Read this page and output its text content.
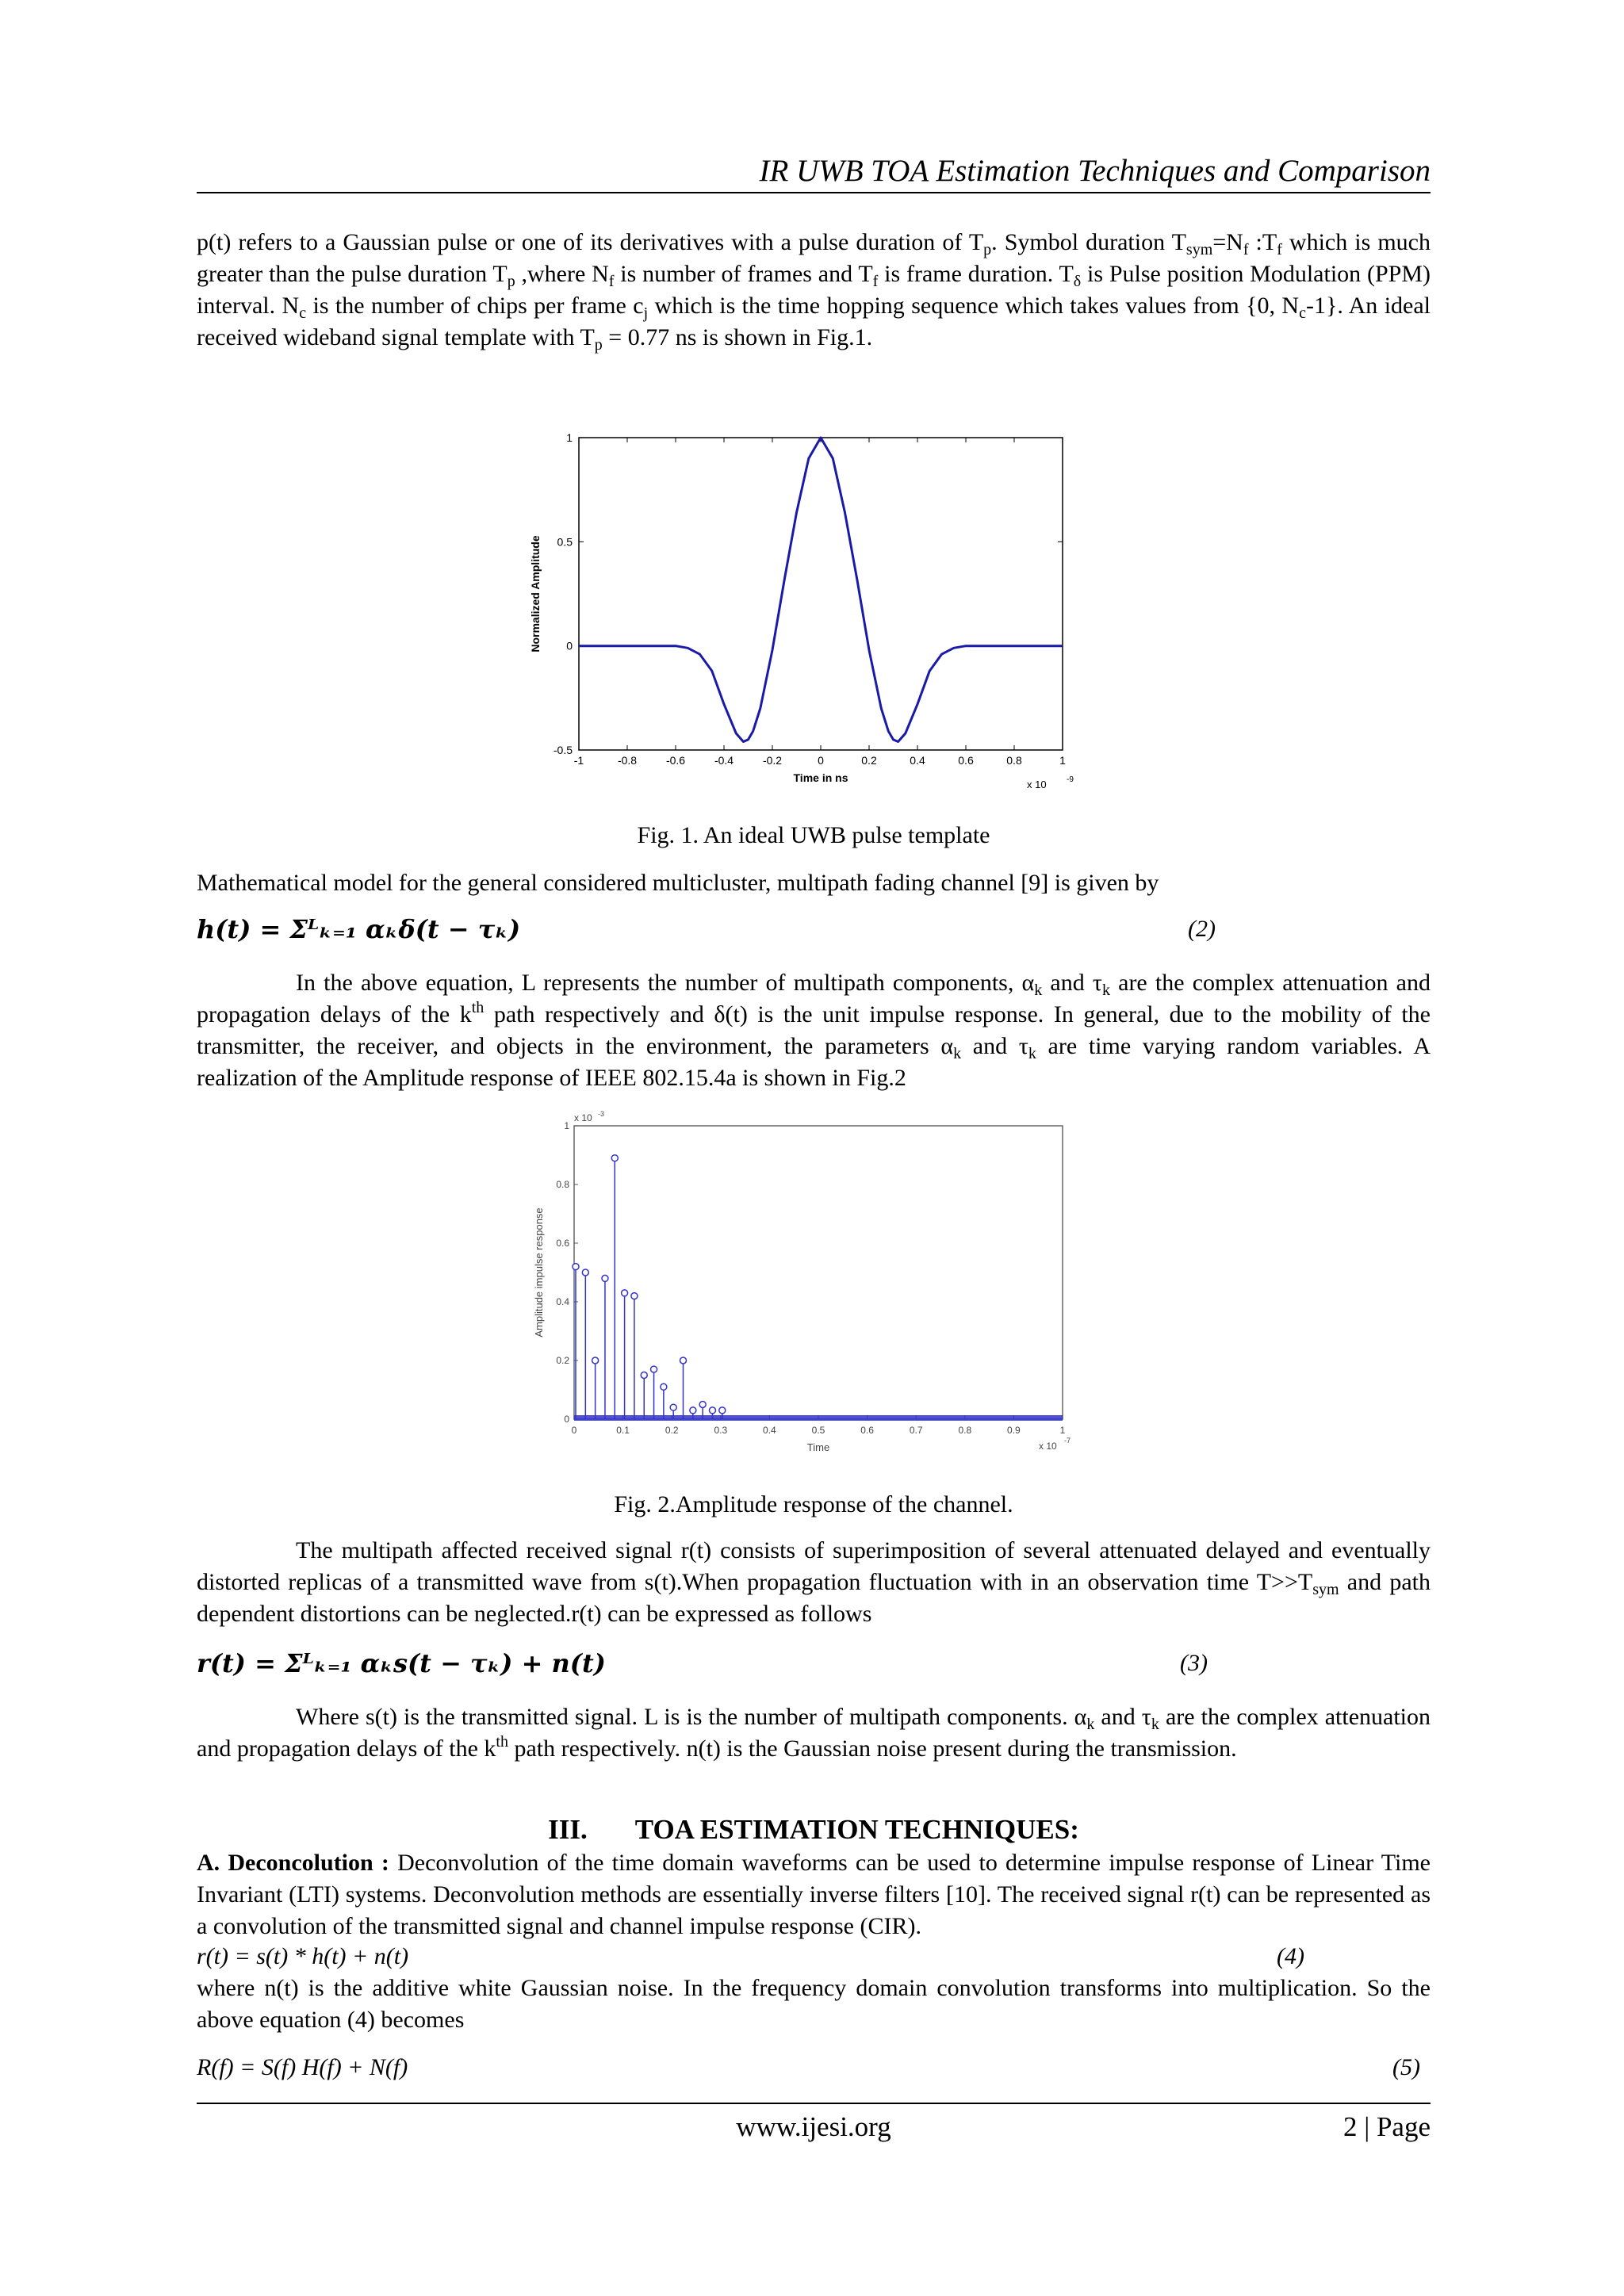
IR UWB TOA Estimation Techniques and Comparison

p(t) refers to a Gaussian pulse or one of its derivatives with a pulse duration of $T_p$. Symbol duration $T_{sym}=N_f$ $:T_f$ which is much greater than the pulse duration $T_p$ ,where $N_f$ is number of frames and $T_f$ is frame duration. $T_\delta$ is Pulse position Modulation (PPM) interval. $N_c$ is the number of chips per frame $c_j$ which is the time hopping sequence which takes values from {0, $N_c-1$}. An ideal received wideband signal template with $T_p = 0.77$ ns is shown in Fig.1.

-1	-0.8	-0.6	-0.4	-0.2	0	0.2	0.4	0.6	0.8	1
-0.5
0
0.5
1
Time in ns
Normalized Amplitude
x 10	-9
Fig. 1. An ideal UWB pulse template
Mathematical model for the general considered multicluster, multipath fading channel [9] is given by
h(t) = Σᴸₖ₌₁ αₖδ(t − τₖ)	(2)

In the above equation, L represents the number of multipath components, $\alpha_k$ and $\tau_k$ are the complex attenuation and propagation delays of the $k^{th}$ path respectively and δ(t) is the unit impulse response. In general, due to the mobility of the transmitter, the receiver, and objects in the environment, the parameters $\alpha_k$ and $\tau_k$ are time varying random variables. A realization of the Amplitude response of IEEE 802.15.4a is shown in Fig.2

0	0.1	0.2	0.3	0.4	0.5	0.6	0.7	0.8	0.9	1
0
0.2
0.4
0.6
0.8
1
Time
Amplitude impulse response
x 10 -3
x 10 -7
Fig. 2.Amplitude response of the channel.

The multipath affected received signal r(t) consists of superimposition of several attenuated delayed and eventually distorted replicas of a transmitted wave from s(t).When propagation fluctuation with in an observation time $T>>T_{sym}$ and path dependent distortions can be neglected.r(t) can be expressed as follows

r(t) = Σᴸₖ₌₁ αₖs(t − τₖ) + n(t)	(3)

Where s(t) is the transmitted signal. L is is the number of multipath components. $\alpha_k$ and $\tau_k$ are the complex attenuation and propagation delays of the $k^{th}$ path respectively. n(t) is the Gaussian noise present during the transmission.

III. TOA ESTIMATION TECHNIQUES:

A. Deconcolution : Deconvolution of the time domain waveforms can be used to determine impulse response of Linear Time Invariant (LTI) systems. Deconvolution methods are essentially inverse filters [10]. The received signal r(t) can be represented as a convolution of the transmitted signal and channel impulse response (CIR).

r(t) = s(t) * h(t) + n(t)	(4)
where n(t) is the additive white Gaussian noise. In the frequency domain convolution transforms into multiplication. So the above equation (4) becomes
R(f) = S(f) H(f) + N(f)	(5)
www.ijesi.org	2 | Page
